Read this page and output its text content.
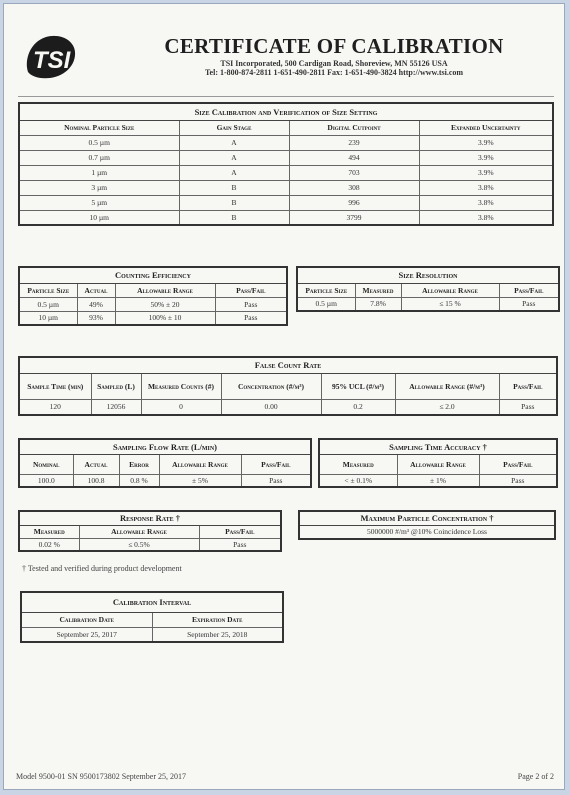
TSI
CERTIFICATE OF CALIBRATION
TSI Incorporated, 500 Cardigan Road, Shoreview, MN 55126 USA
Tel: 1-800-874-2811 1-651-490-2811 Fax: 1-651-490-3824 http://www.tsi.com
Size Calibration and Verification of Size Setting			
Nominal Particle Size	Gain Stage	Digital Cutpoint	Expanded Uncertainty
0.5 µm	A	239	3.9%
0.7 µm	A	494	3.9%
1 µm	A	703	3.9%
3 µm	B	308	3.8%
5 µm	B	996	3.8%
10 µm	B	3799	3.8%
Counting Efficiency			
Particle Size	Actual	Allowable Range	Pass/Fail
0.5 µm	49%	50% ± 20	Pass
10 µm	93%	100% ± 10	Pass
Size Resolution			
Particle Size	Measured	Allowable Range	Pass/Fail
0.5 µm	7.8%	≤ 15 %	Pass
False Count Rate						
Sample Time (min)	Sampled (L)	Measured Counts (#)	Concentration (#/m³)	95% UCL (#/m³)	Allowable Range (#/m³)	Pass/Fail
120	12056	0	0.00	0.2	≤ 2.0	Pass
Sampling Flow Rate (L/min)				
Nominal	Actual	Error	Allowable Range	Pass/Fail
100.0	100.8	0.8 %	± 5%	Pass
Sampling Time Accuracy †		
Measured	Allowable Range	Pass/Fail
< ± 0.1%	± 1%	Pass
Response Rate †		
Measured	Allowable Range	Pass/Fail
0.02 %	≤ 0.5%	Pass
Maximum Particle Concentration †
5000000 #/m³ @10% Coincidence Loss
† Tested and verified during product development
Calibration Interval	
Calibration Date	Expiration Date
September 25, 2017	September 25, 2018
Model 9500-01 SN 9500173802 September 25, 2017	Page 2 of 2
